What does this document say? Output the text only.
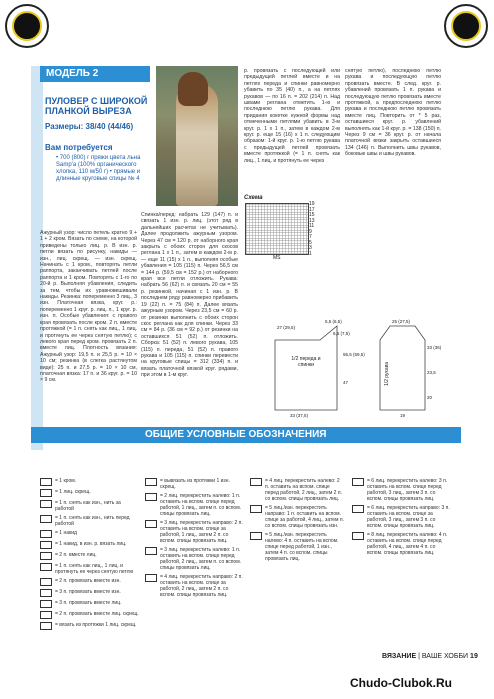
МОДЕЛЬ 2
ПУЛОВЕР С ШИРОКОЙ ПЛАНКОЙ ВЫРЕЗА
Размеры: 38/40 (44/46)
Вам потребуется
• 700 (800) г пряжи цвета льна Samp'a (100% органического хлопка, 110 м/50 г) • прямые и длинные круговые спицы № 4
Ажурный узор: число петель кратно 9 + 1 + 2 кром. Вязать по схеме, на которой приведены только лиц. р. В изн. р. петли вязать по рисунку, накиды — изн., лиц. скрещ. — изн. скрещ. Начинать с 1 кром., повторять петли раппорта, заканчивать петлей после раппорта и 1 кром. Повторять с 1-го по 20-й р. Выполняя убавления, следить за тем, чтобы их уравновешивали накиды. Резинка: попеременно 3 лиц., 3 изн. Платочная вязка, круг. р.: попеременно 1 круг. р. лиц. п., 1 круг. р. изн. п. Особые убавления: с правого края провязать после кром. 2 п. вместе протяжкой (= 1 п. снять как лиц., 1 лиц. и протянуть ее через снятую петлю); с левого края перед кром. провязать 2 п. вместе лиц. Плотность вязания: Ажурный узор: 19,5 п. и 25,5 р. = 10 × 10 см; резинка (в слегка растянутом виде): 25 п. и 27,5 р. = 10 × 10 см, платочная вязка: 17 п. и 36 круг. р. = 10 × 9 см.
Спинка/перед: набрать 129 (147) п. и связать 1 изн. р. лиц. (этот ряд в дальнейших расчетах не учитывать). Далее продолжить ажурным узором. Через 47 см = 120 р. от наборного края закрыть с обоих сторон для скосов реглана 1 х 1 п., затем в каждом 2-м р. — еще 11 (15) х 1 п., выполняя особые убавления = 105 (115) п. Через 56,5 см = 144 р. (59,5 см = 152 р.) от наборного края все петли отложить. Рукава: набрать 56 (62) п. и связать 20 см = 55 р. резинкой, начиная с 1 изн. р. В последнем ряду равномерно прибавить 19 (22) п. = 75 (84) п. Далее вязать ажурным узором. Через 23,5 см = 60 р. от резинки выполнить с обоих сторон скос реглана как для спинки. Через 33 см = 84 р. (36 см = 92 р.) от резинки на оставшихся 51 (52) п. отложить. Сборка: 51 (52) п. левого рукава, 105 (115) п. переда, 51 (52) п. правого рукава и 105 (115) п. спинки перевести на круговые спицы = 312 (334) п. и вязать платочной вязкой круг. рядами, при этом в 1-м круг.
р. провязать с последующей или предыдущей петлей вместе и на петлях переда и спинки равномерно убавить по 35 (40) п., а на петлях рукавов — по 16 п. = 202 (214) п. Над швами реглана отметить 1-ю и последнюю петлю рукава. Для придания кокетке нужной формы над отмеченными петлями убавить в 3-м круг. р. 1 х 1 п., затем в каждом 2-м круг. р. еще 15 (16) х 1 п. следующим образом: 1-й круг. р. 1-ю петлю рукава с предыдущей петлей провязать вместе протяжкой (= 1 п. снять как лиц., 1 лиц. и протянуть ее через
снятую петлю), последнюю петлю рукава и последующую петлю провязать вместе. В след. круг. р. убавлений провязать 1 п. рукава и последующую петлю провязать вместе протяжкой, а предпоследнюю петлю рукава и последнюю петлю провязать вместе лиц. Повторить от * 5 раз, оставшиеся круг. р. убавлений выполнять как 1-й круг. р. = 138 (150) п. Через 9 см = 36 круг. р. от начала платочной вязки закрыть оставшиеся 134 (146) п. Выполнить швы рукавов, боковые швы и швы рукавов.
Схема
19
17
15
13
11
9
7
5
3
1
MS
1/2 переда и спинки	1/2 рукава
27 (29,5)
5,5 (6,5)
6,5 (7,5)
33 (37,5)
56,5 (59,5)
47
25 (27,5)
20
33 (36)
23,5
19
ОБЩИЕ УСЛОВНЫЕ ОБОЗНАЧЕНИЯ
= 1 кром.
= 1 лиц. скрещ.
= 1 п. снять как изн., нить за работой
= 1 п. снять как изн., нить перед работой
= 1 накид
= 1 накид, в изн. р. вязать лиц.
= 2 п. вместе лиц.
= 1 п. снять как лиц., 1 лиц. и протянуть ее через снятую петлю
= 2 п. провязать вместе изн.
= 3 п. провязать вместе изн.
= 3 п. провязать вместе лиц.
= 2 п. провязать вместе лиц. скрещ.
= вязать из протяжки 1 лиц. скрещ.
= вывязать из протяжки 1 изн. скрещ.
= 2 лиц. перекрестить налево: 1 п. оставить на вспом. спице перед работой, 1 лиц., затем п. со вспом. спицы провязать лиц.
= 3 лиц. перекрестить направо: 2 п. оставить на вспом. спице за работой, 1 лиц., затем 2 п. со вспом. спицы провязать лиц.
= 3 лиц. перекрестить налево: 1 п. оставить на вспом. спице перед работой, 2 лиц., затем п. со вспом. спицы провязать лиц.
= 4 лиц. перекрестить направо: 2 п. оставить на вспом. спице за работой, 2 лиц., затем 2 п. со вспом. спицы провязать лиц.
= 4 лиц. перекрестить налево: 2 п. оставить на вспом. спице перед работой, 2 лиц., затем 2 п. со вспом. спицы провязать лиц.
= 5 лиц./изн. перекрестить направо: 1 п. оставить на вспом. спице за работой, 4 лиц., затем п. со вспом. спицы провязать изн.
= 5 лиц./изн. перекрестить налево: 4 п. оставить на вспом. спице перед работой, 1 изн., затем 4 п. со вспом. спицы провязать лиц.
= 6 лиц. перекрестить налево: 3 п. оставить на вспом. спице перед работой, 3 лиц., затем 3 п. со вспом. спицы провязать лиц.
= 6 лиц. перекрестить направо: 3 п. оставить на вспом. спице за работой, 3 лиц., затем 3 п. со вспом. спицы провязать лиц.
= 8 лиц. перекрестить налево: 4 п. оставить на вспом. спице перед работой, 4 лиц., затем 4 п. со вспом. спицы провязать лиц.
ВЯЗАНИЕ | ВАШЕ ХОББИ 19
Chudo-Clubok.Ru
